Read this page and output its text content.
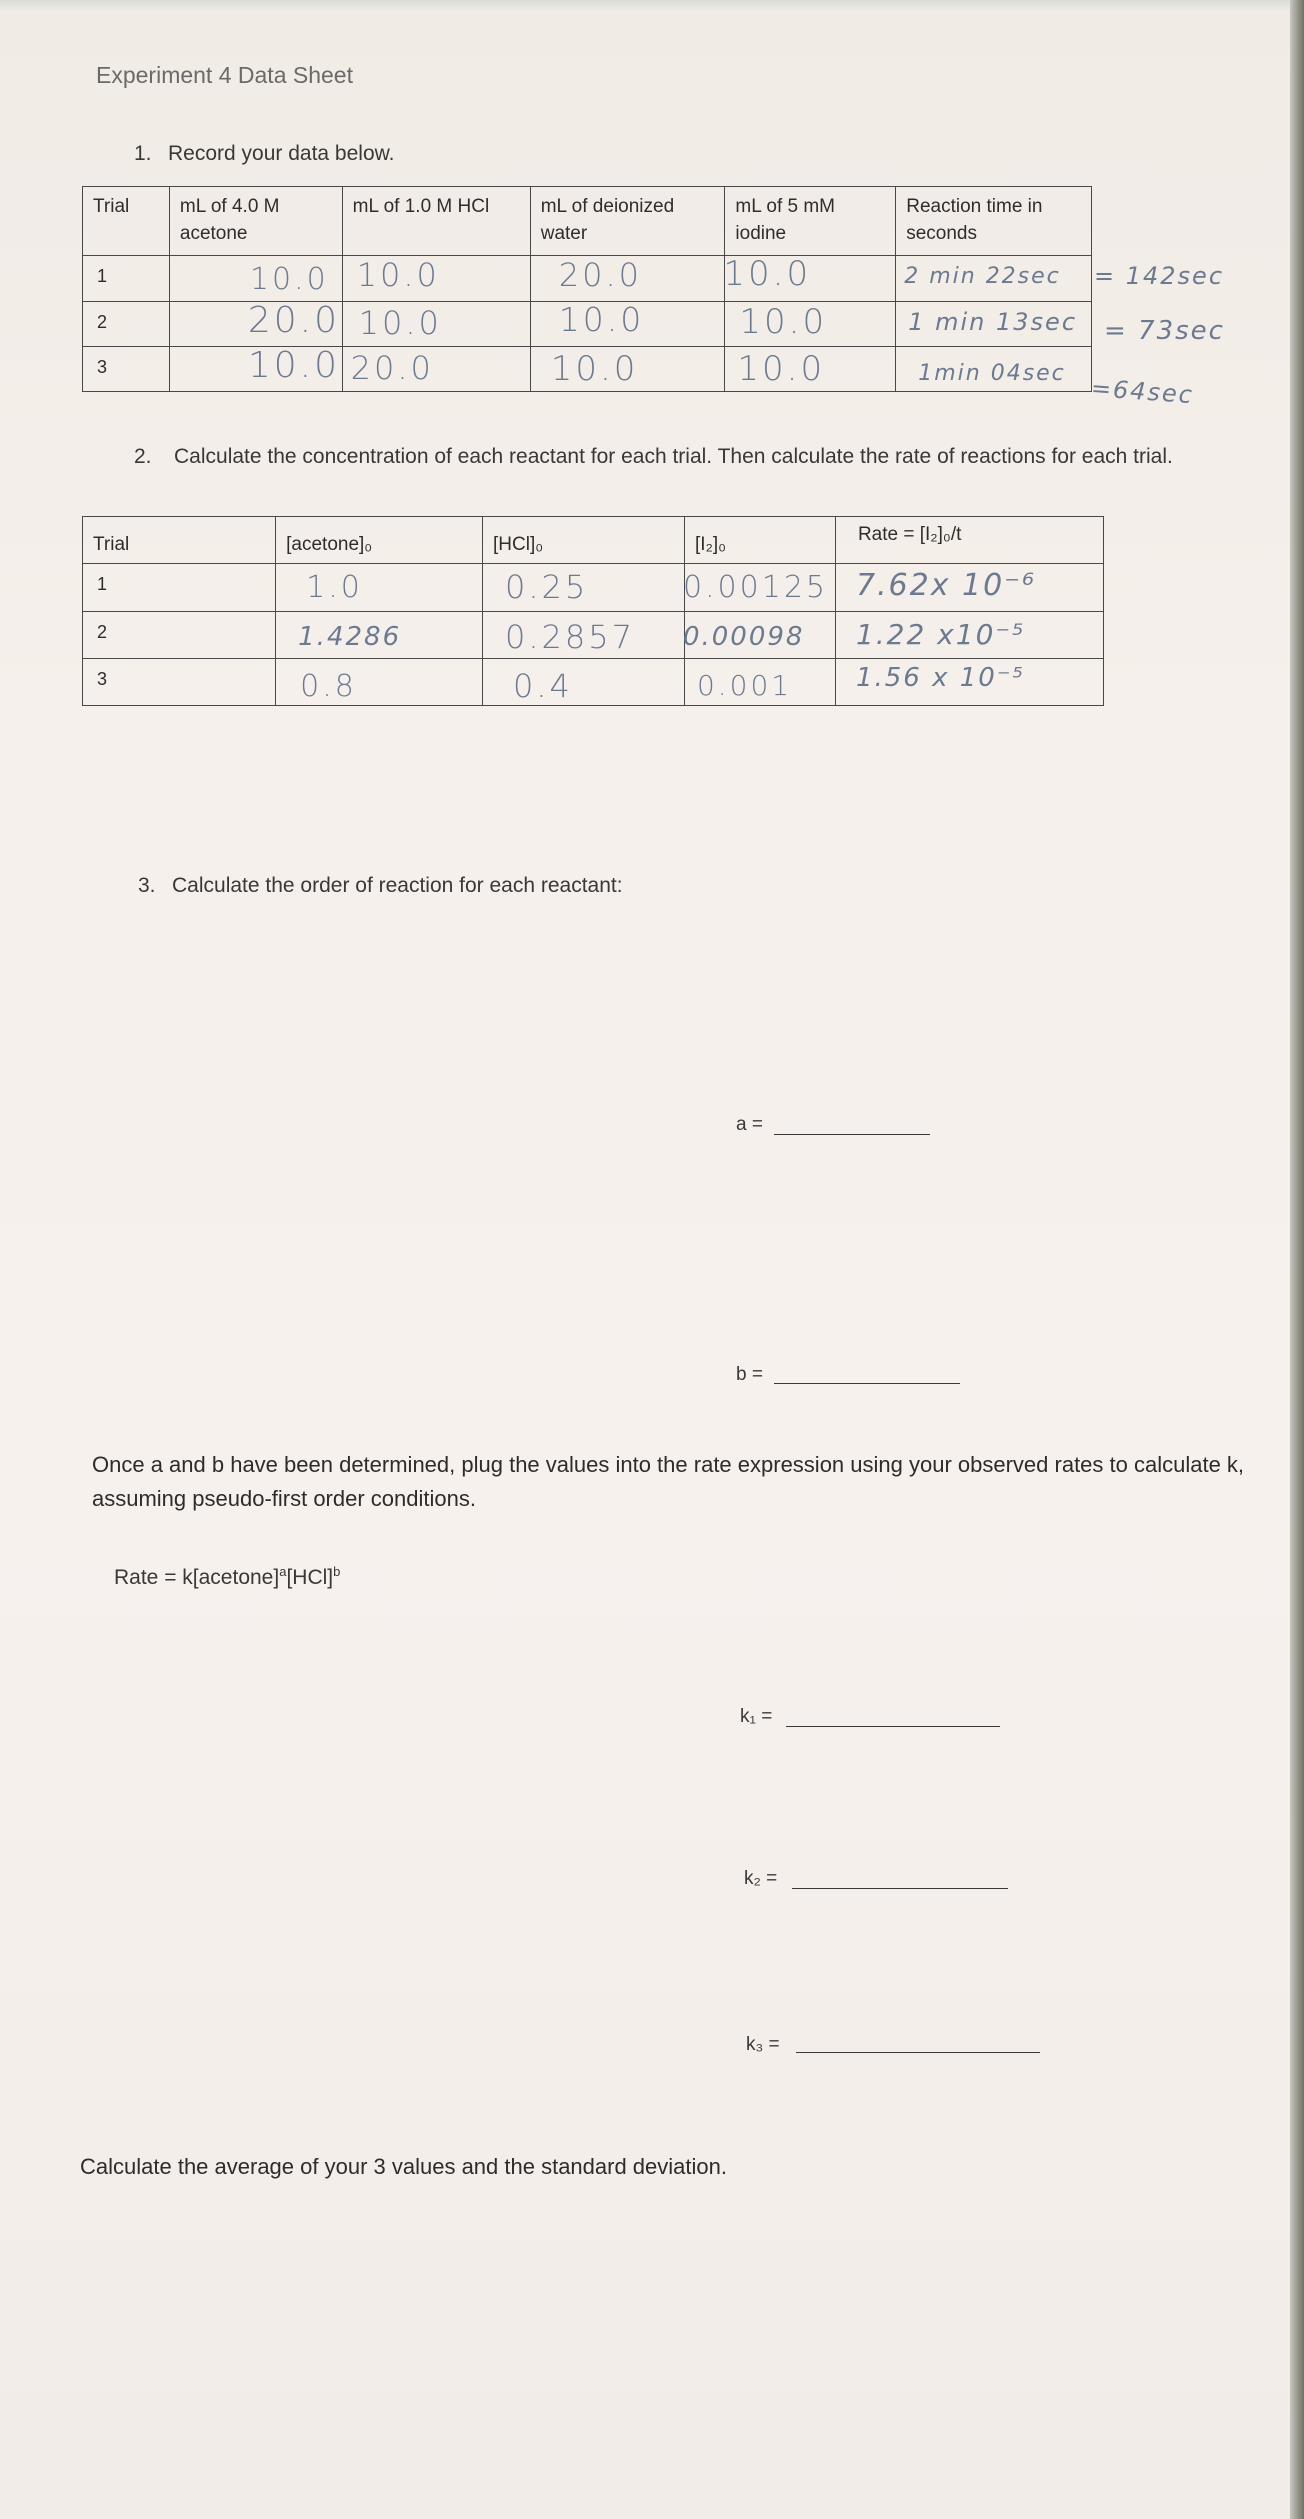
Experiment 4 Data Sheet
1. Record your data below.
Trial	mL of 4.0 M acetone	mL of 1.0 M HCl	mL of deionized water	mL of 5 mM iodine	Reaction time in seconds
1	10.0	10.0	20.0	10.0	2 min 22sec

2	20.0	10.0	10.0	10.0	1 min 13sec

3	10.0	20.0	10.0	10.0	1min 04sec
= 142sec
= 73sec
=64sec
2.	Calculate the concentration of each reactant for each trial. Then calculate the rate of reactions for each trial.
Trial	[acetone]₀	[HCl]₀	[I₂]₀	Rate = [I₂]₀/t
1	1.0	0.25	0.00125	7.62x 10⁻⁶

2	1.4286	0.2857	0.00098	1.22 x10⁻⁵

3	0.8	0.4	0.001	1.56 x 10⁻⁵
3. Calculate the order of reaction for each reactant:
a =
b =
Once a and b have been determined, plug the values into the rate expression using your observed rates to calculate k, assuming pseudo-first order conditions.
Rate = k[acetone]$^a$[HCl]$^b$
k₁ =
k₂ =
k₃ =
Calculate the average of your 3 values and the standard deviation.
